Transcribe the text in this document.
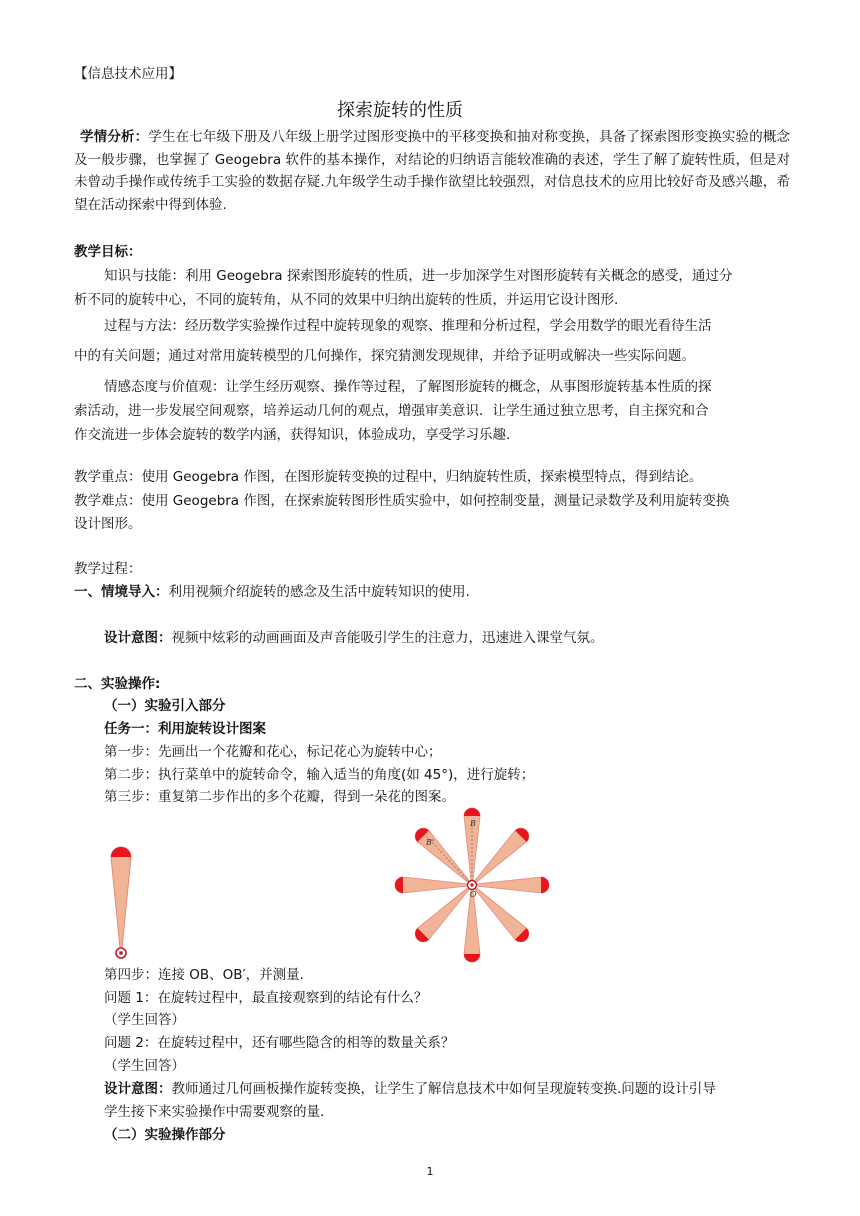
【信息技术应用】
探索旋转的性质
学情分析：学生在七年级下册及八年级上册学过图形变换中的平移变换和抽对称变换，具备了探索图形变换实验的概念及一般步骤，也掌握了 Geogebra 软件的基本操作，对结论的归纳语言能较准确的表述，学生了解了旋转性质，但是对未曾动手操作或传统手工实验的数据存疑.九年级学生动手操作欲望比较强烈，对信息技术的应用比较好奇及感兴趣，希望在活动探索中得到体验.
教学目标：
知识与技能：利用 Geogebra 探索图形旋转的性质，进一步加深学生对图形旋转有关概念的感受，通过分
析不同的旋转中心，不同的旋转角，从不同的效果中归纳出旋转的性质，并运用它设计图形.
过程与方法：经历数学实验操作过程中旋转现象的观察、推理和分析过程，学会用数学的眼光看待生活
中的有关问题；通过对常用旋转模型的几何操作，探究猜测发现规律，并给予证明或解决一些实际问题。
情感态度与价值观：让学生经历观察、操作等过程，了解图形旋转的概念，从事图形旋转基本性质的探
索活动，进一步发展空间观察，培养运动几何的观点，增强审美意识．让学生通过独立思考，自主探究和合
作交流进一步体会旋转的数学内涵，获得知识，体验成功，享受学习乐趣.
教学重点：使用 Geogebra 作图，在图形旋转变换的过程中，归纳旋转性质，探索模型特点，得到结论。
教学难点：使用 Geogebra 作图，在探索旋转图形性质实验中，如何控制变量，测量记录数学及利用旋转变换
设计图形。
教学过程：
一、情境导入：利用视频介绍旋转的感念及生活中旋转知识的使用.
设计意图：视频中炫彩的动画画面及声音能吸引学生的注意力，迅速进入课堂气氛。
二、实验操作:
（一）实验引入部分
任务一：利用旋转设计图案
第一步：先画出一个花瓣和花心，标记花心为旋转中心；
第二步：执行菜单中的旋转命令，输入适当的角度(如 45°)，进行旋转；
第三步：重复第二步作出的多个花瓣，得到一朵花的图案。
B
B'
O
第四步：连接 OB、OB′，并测量.
问题 1：在旋转过程中，最直接观察到的结论有什么？
（学生回答）
问题 2：在旋转过程中，还有哪些隐含的相等的数量关系？
（学生回答）
设计意图：教师通过几何画板操作旋转变换，让学生了解信息技术中如何呈现旋转变换.问题的设计引导
学生接下来实验操作中需要观察的量.
（二）实验操作部分
1
